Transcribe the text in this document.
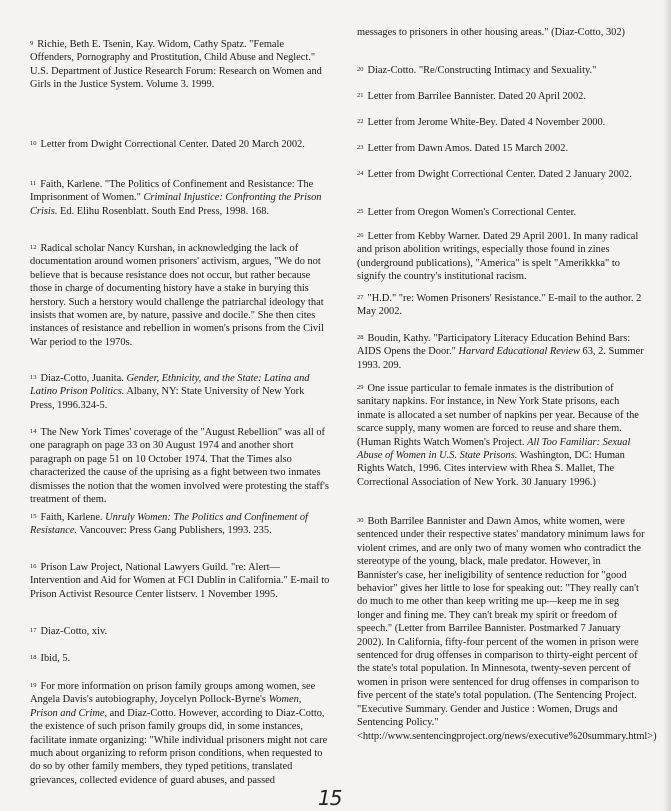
$^9$ Richie, Beth E. Tsenin, Kay. Widom, Cathy Spatz. "Female Offenders, Pornography and Prostitution, Child Abuse and Neglect." U.S. Department of Justice Research Forum: Research on Women and Girls in the Justice System. Volume 3. 1999.

$^{10}$ Letter from Dwight Correctional Center. Dated 20 March 2002.

$^{11}$ Faith, Karlene. "The Politics of Confinement and Resistance: The Imprisonment of Women." Criminal Injustice: Confronting the Prison Crisis. Ed. Elihu Rosenblatt. South End Press, 1998. 168.

$^{12}$ Radical scholar Nancy Kurshan, in acknowledging the lack of documentation around women prisoners' activism, argues, "We do not believe that is because resistance does not occur, but rather because those in charge of documenting history have a stake in burying this herstory. Such a herstory would challenge the patriarchal ideology that insists that women are, by nature, passive and docile." She then cites instances of resistance and rebellion in women's prisons from the Civil War period to the 1970s.

$^{13}$ Diaz-Cotto, Juanita. Gender, Ethnicity, and the State: Latina and Latino Prison Politics. Albany, NY: State University of New York Press, 1996.324-5.

$^{14}$ The New York Times' coverage of the "August Rebellion" was all of one paragraph on page 33 on 30 August 1974 and another short paragraph on page 51 on 10 October 1974. That the Times also characterized the cause of the uprising as a fight between two inmates dismisses the notion that the women involved were protesting the staff's treatment of them.

$^{15}$ Faith, Karlene. Unruly Women: The Politics and Confinement of Resistance. Vancouver: Press Gang Publishers, 1993. 235.

$^{16}$ Prison Law Project, National Lawyers Guild. "re: Alert—Intervention and Aid for Women at FCI Dublin in California." E-mail to Prison Activist Resource Center listserv. 1 November 1995.

$^{17}$ Diaz-Cotto, xiv.

$^{18}$ Ibid, 5.

$^{19}$ For more information on prison family groups among women, see Angela Davis's autobiography, Joycelyn Pollock-Byrne's Women, Prison and Crime, and Diaz-Cotto. However, according to Diaz-Cotto, the existence of such prison family groups did, in some instances, facilitate inmate organizing: "While individual prisoners might not care much about organizing to reform prison conditions, when requested to do so by other family members, they typed petitions, translated grievances, collected evidence of guard abuses, and passed

messages to prisoners in other housing areas." (Diaz-Cotto, 302)

$^{20}$ Diaz-Cotto. "Re/Constructing Intimacy and Sexuality."

$^{21}$ Letter from Barrilee Bannister. Dated 20 April 2002.

$^{22}$ Letter from Jerome White-Bey. Dated 4 November 2000.

$^{23}$ Letter from Dawn Amos. Dated 15 March 2002.

$^{24}$ Letter from Dwight Correctional Center. Dated 2 January 2002.

$^{25}$ Letter from Oregon Women's Correctional Center.

$^{26}$ Letter from Kebby Warner. Dated 29 April 2001. In many radical and prison abolition writings, especially those found in zines (underground publications), "America" is spelt "Amerikkka" to signify the country's institutional racism.

$^{27}$ "H.D." "re: Women Prisoners' Resistance." E-mail to the author. 2 May 2002.

$^{28}$ Boudin, Kathy. "Participatory Literacy Education Behind Bars: AIDS Opens the Door." Harvard Educational Review 63, 2. Summer 1993. 209.

$^{29}$ One issue particular to female inmates is the distribution of sanitary napkins. For instance, in New York State prisons, each inmate is allocated a set number of napkins per year. Because of the scarce supply, many women are forced to reuse and share them. (Human Rights Watch Women's Project. All Too Familiar: Sexual Abuse of Women in U.S. State Prisons. Washington, DC: Human Rights Watch, 1996. Cites interview with Rhea S. Mallet, The Correctional Association of New York. 30 January 1996.)

$^{30}$ Both Barrilee Bannister and Dawn Amos, white women, were sentenced under their respective states' mandatory minimum laws for violent crimes, and are only two of many women who contradict the stereotype of the young, black, male predator. However, in Bannister's case, her ineligibility of sentence reduction for "good behavior" gives her little to lose for speaking out: "They really can't do much to me other than keep writing me up—keep me in seg longer and fining me. They can't break my spirit or freedom of speech." (Letter from Barrilee Bannister. Postmarked 7 January 2002). In California, fifty-four percent of the women in prison were sentenced for drug offenses in comparison to thirty-eight percent of the state's total population. In Minnesota, twenty-seven percent of women in prison were sentenced for drug offenses in comparison to five percent of the state's total population. (The Sentencing Project. "Executive Summary. Gender and Justice : Women, Drugs and Sentencing Policy." <http://www.sentencingproject.org/news/executive%20summary.html>)

15
